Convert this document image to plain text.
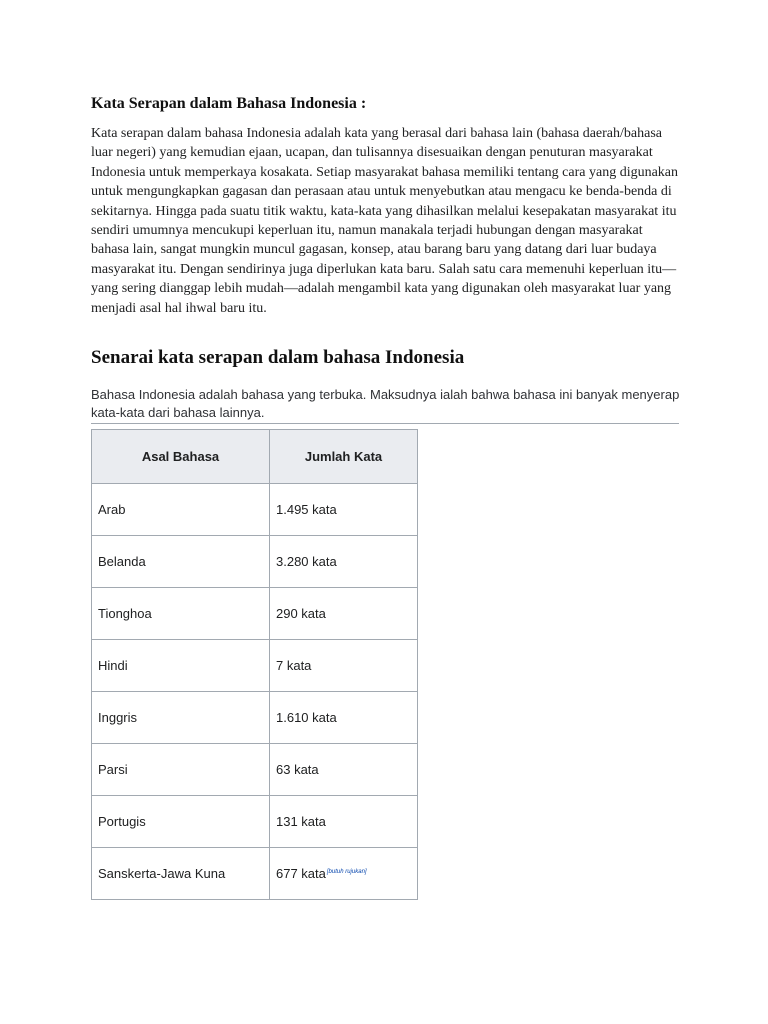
Kata Serapan dalam Bahasa Indonesia :

Kata serapan dalam bahasa Indonesia adalah kata yang berasal dari bahasa lain (bahasa daerah/bahasa luar negeri) yang kemudian ejaan, ucapan, dan tulisannya disesuaikan dengan penuturan masyarakat Indonesia untuk memperkaya kosakata. Setiap masyarakat bahasa memiliki tentang cara yang digunakan untuk mengungkapkan gagasan dan perasaan atau untuk menyebutkan atau mengacu ke benda-benda di sekitarnya. Hingga pada suatu titik waktu, kata-kata yang dihasilkan melalui kesepakatan masyarakat itu sendiri umumnya mencukupi keperluan itu, namun manakala terjadi hubungan dengan masyarakat bahasa lain, sangat mungkin muncul gagasan, konsep, atau barang baru yang datang dari luar budaya masyarakat itu. Dengan sendirinya juga diperlukan kata baru. Salah satu cara memenuhi keperluan itu—yang sering dianggap lebih mudah—adalah mengambil kata yang digunakan oleh masyarakat luar yang menjadi asal hal ihwal baru itu.

Senarai kata serapan dalam bahasa Indonesia

Bahasa Indonesia adalah bahasa yang terbuka. Maksudnya ialah bahwa bahasa ini banyak menyerap kata-kata dari bahasa lainnya.

Asal Bahasa	Jumlah Kata
Arab	1.495 kata
Belanda	3.280 kata
Tionghoa	290 kata
Hindi	7 kata
Inggris	1.610 kata
Parsi	63 kata
Portugis	131 kata
Sanskerta-Jawa Kuna	677 kata[butuh rujukan]
